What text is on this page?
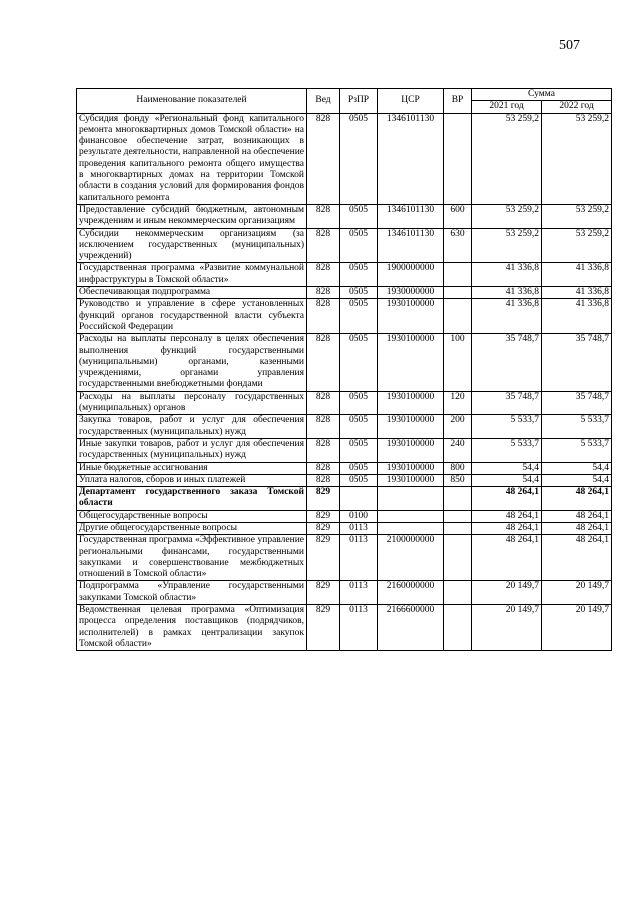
507
Наименование показателей	Вед	РзПР	ЦСР	ВР	Сумма	
					2021 год	2022 год
Субсидия фонду «Региональный фонд капитального ремонта многоквартирных домов Томской области» на финансовое обеспечение затрат, возникающих в результате деятельности, направленной на обеспечение проведения капитального ремонта общего имущества в многоквартирных домах на территории Томской области в создания условий для формирования фондов капитального ремонта	828	0505	1346101130		53 259,2	53 259,2
Предоставление субсидий бюджетным, автономным учреждениям и иным некоммерческим организациям	828	0505	1346101130	600	53 259,2	53 259,2
Субсидии некоммерческим организациям (за исключением государственных (муниципальных) учреждений)	828	0505	1346101130	630	53 259,2	53 259,2
Государственная программа «Развитие коммунальной инфраструктуры в Томской области»	828	0505	1900000000		41 336,8	41 336,8
Обеспечивающая подпрограмма	828	0505	1930000000		41 336,8	41 336,8
Руководство и управление в сфере установленных функций органов государственной власти субъекта Российской Федерации	828	0505	1930100000		41 336,8	41 336,8
Расходы на выплаты персоналу в целях обеспечения выполнения функций государственными (муниципальными) органами, казенными учреждениями, органами управления государственными внебюджетными фондами	828	0505	1930100000	100	35 748,7	35 748,7
Расходы на выплаты персоналу государственных (муниципальных) органов	828	0505	1930100000	120	35 748,7	35 748,7
Закупка товаров, работ и услуг для обеспечения государственных (муниципальных) нужд	828	0505	1930100000	200	5 533,7	5 533,7
Иные закупки товаров, работ и услуг для обеспечения государственных (муниципальных) нужд	828	0505	1930100000	240	5 533,7	5 533,7
Иные бюджетные ассигнования	828	0505	1930100000	800	54,4	54,4
Уплата налогов, сборов и иных платежей	828	0505	1930100000	850	54,4	54,4
Департамент государственного заказа Томской области	829				48 264,1	48 264,1
Общегосударственные вопросы	829	0100			48 264,1	48 264,1
Другие общегосударственные вопросы	829	0113			48 264,1	48 264,1
Государственная программа «Эффективное управление региональными финансами, государственными закупками и совершенствование межбюджетных отношений в Томской области»	829	0113	2100000000		48 264,1	48 264,1
Подпрограмма «Управление государственными закупками Томской области»	829	0113	2160000000		20 149,7	20 149,7
Ведомственная целевая программа «Оптимизация процесса определения поставщиков (подрядчиков, исполнителей) в рамках централизации закупок Томской области»	829	0113	2166600000		20 149,7	20 149,7
